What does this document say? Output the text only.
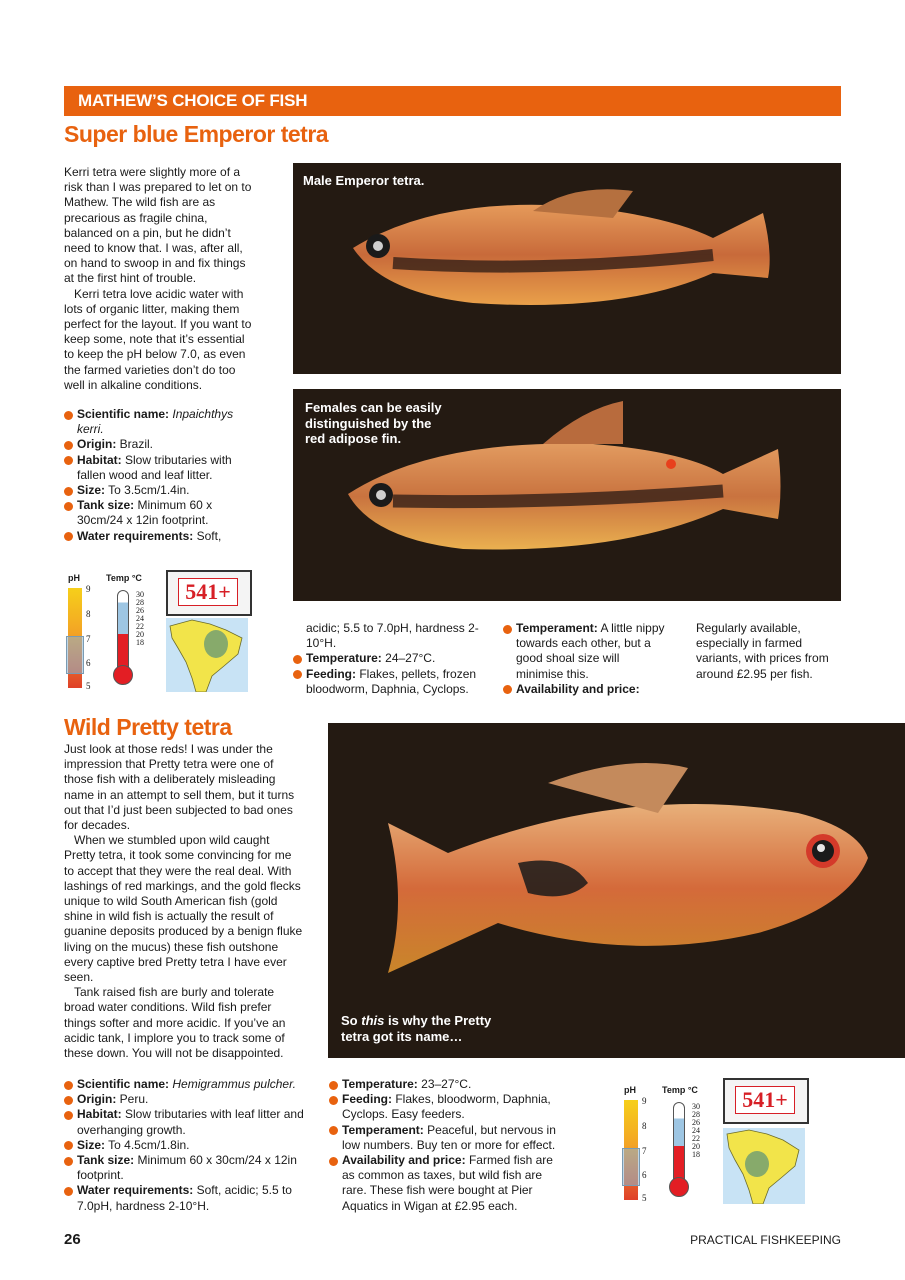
MATHEW’S CHOICE OF FISH
Super blue Emperor tetra

Kerri tetra were slightly more of a risk than I was prepared to let on to Mathew. The wild fish are as precarious as fragile china, balanced on a pin, but he didn’t need to know that. I was, after all, on hand to swoop in and fix things at the first hint of trouble.

Kerri tetra love acidic water with lots of organic litter, making them perfect for the layout. If you want to keep some, note that it’s essential to keep the pH below 7.0, as even the farmed varieties don’t do too well in alkaline conditions.

Scientific name: Inpaichthys kerri.
Origin: Brazil.
Habitat: Slow tributaries with fallen wood and leaf litter.
Size: To 3.5cm/1.4in.
Tank size: Minimum 60 x 30cm/24 x 12in footprint.
Water requirements: Soft,
pH
9
8
7
6
5
Temp °C
30
28
26
24
22
20
18
541+
Male Emperor tetra.
Females can be easily distinguished by the red adipose fin.
acidic; 5.5 to 7.0pH, hardness 2-10°H.
Temperature: 24–27°C.
Feeding: Flakes, pellets, frozen bloodworm, Daphnia, Cyclops.
Temperament: A little nippy towards each other, but a good shoal size will minimise this.
Availability and price:
Regularly available, especially in farmed variants, with prices from around £2.95 per fish.
Wild Pretty tetra

Just look at those reds! I was under the impression that Pretty tetra were one of those fish with a deliberately misleading name in an attempt to sell them, but it turns out that I’d just been subjected to bad ones for decades.

When we stumbled upon wild caught Pretty tetra, it took some convincing for me to accept that they were the real deal. With lashings of red markings, and the gold flecks unique to wild South American fish (gold shine in wild fish is actually the result of guanine deposits produced by a benign fluke living on the mucus) these fish outshone every captive bred Pretty tetra I have ever seen.

Tank raised fish are burly and tolerate broad water conditions. Wild fish prefer things softer and more acidic. If you’ve an acidic tank, I implore you to track some of these down. You will not be disappointed.

So this is why the Pretty tetra got its name…
Scientific name: Hemigrammus pulcher.
Origin: Peru.
Habitat: Slow tributaries with leaf litter and overhanging growth.
Size: To 4.5cm/1.8in.
Tank size: Minimum 60 x 30cm/24 x 12in footprint.
Water requirements: Soft, acidic; 5.5 to 7.0pH, hardness 2-10°H.
Temperature: 23–27°C.
Feeding: Flakes, bloodworm, Daphnia, Cyclops. Easy feeders.
Temperament: Peaceful, but nervous in low numbers. Buy ten or more for effect.
Availability and price: Farmed fish are as common as taxes, but wild fish are rare. These fish were bought at Pier Aquatics in Wigan at £2.95 each.
pH
9
8
7
6
5
Temp °C
30
28
26
24
22
20
18
541+
26	PRACTICAL FISHKEEPING
